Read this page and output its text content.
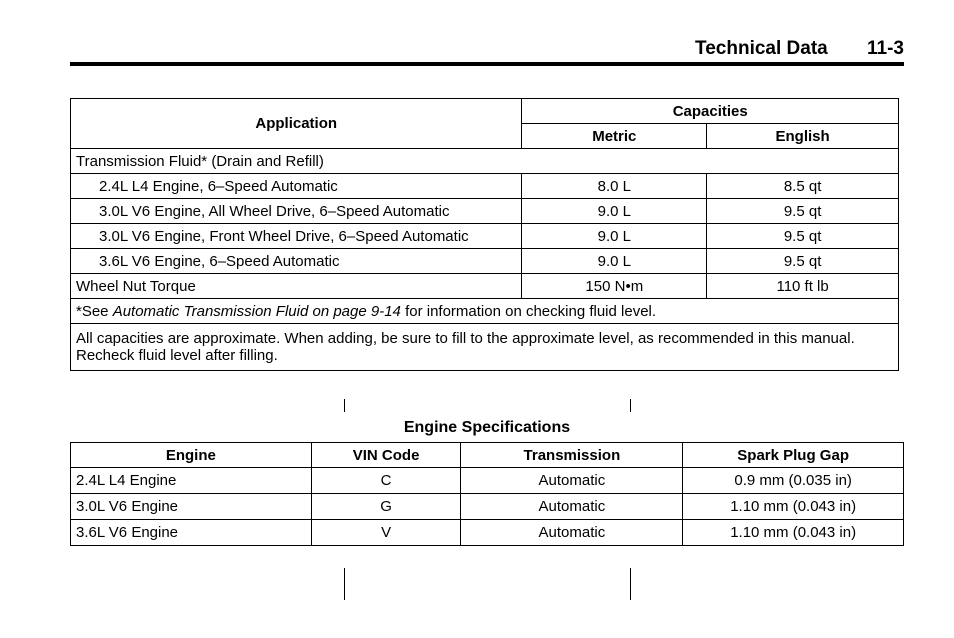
Technical Data 11-3
Application	Capacities	
	Metric	English
Transmission Fluid* (Drain and Refill)		
2.4L L4 Engine, 6–Speed Automatic	8.0 L	8.5 qt
3.0L V6 Engine, All Wheel Drive, 6–Speed Automatic	9.0 L	9.5 qt
3.0L V6 Engine, Front Wheel Drive, 6–Speed Automatic	9.0 L	9.5 qt
3.6L V6 Engine, 6–Speed Automatic	9.0 L	9.5 qt
Wheel Nut Torque	150 N•m	110 ft lb
*See Automatic Transmission Fluid on page 9-14 for information on checking fluid level.		
All capacities are approximate. When adding, be sure to fill to the approximate level, as recommended in this manual. Recheck fluid level after filling.		
Engine Specifications
Engine	VIN Code	Transmission	Spark Plug Gap
2.4L L4 Engine	C	Automatic	0.9 mm (0.035 in)
3.0L V6 Engine	G	Automatic	1.10 mm (0.043 in)
3.6L V6 Engine	V	Automatic	1.10 mm (0.043 in)
